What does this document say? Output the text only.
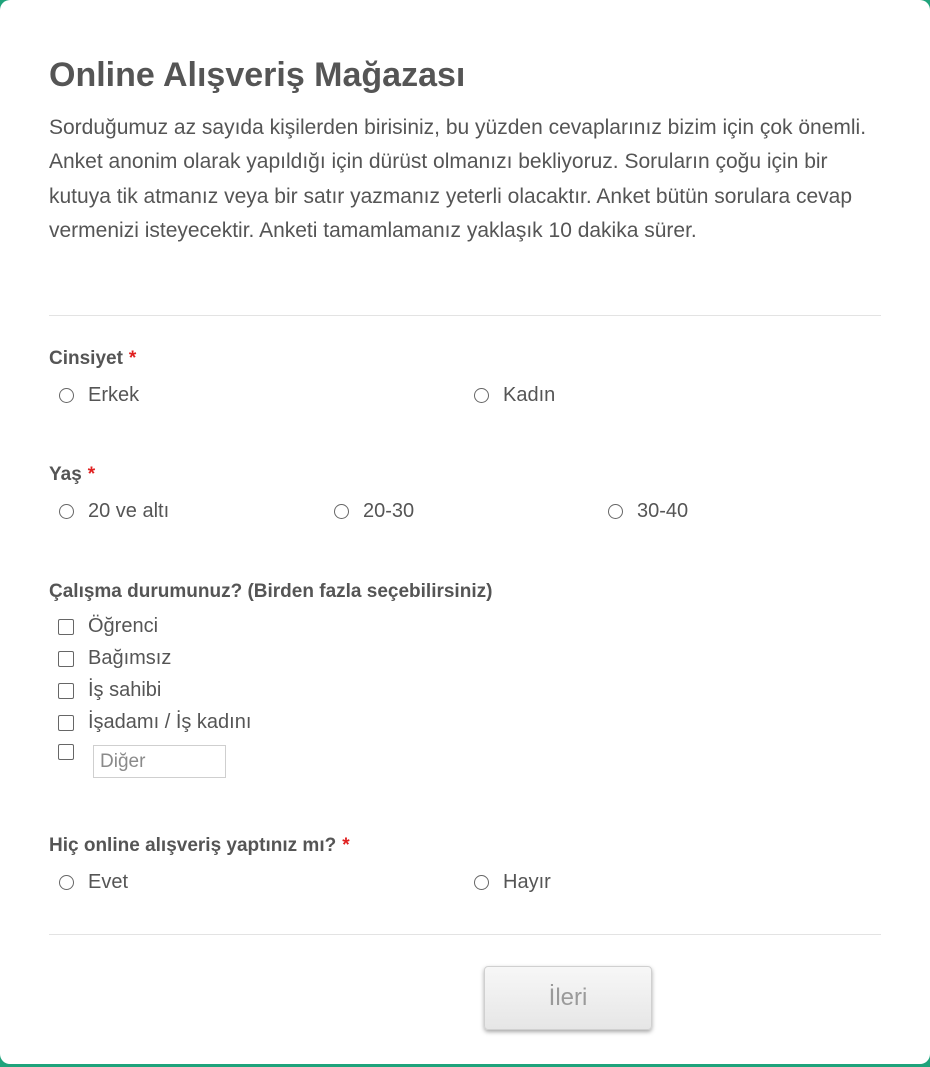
Online Alışveriş Mağazası
Sorduğumuz az sayıda kişilerden birisiniz, bu yüzden cevaplarınız bizim için çok önemli. Anket anonim olarak yapıldığı için dürüst olmanızı bekliyoruz. Soruların çoğu için bir kutuya tik atmanız veya bir satır yazmanız yeterli olacaktır. Anket bütün sorulara cevap vermenizi isteyecektir. Anketi tamamlamanız yaklaşık 10 dakika sürer.
Cinsiyet *
Erkek	Kadın
Yaş *
20 ve altı	20-30	30-40
Çalışma durumunuz? (Birden fazla seçebilirsiniz)
Öğrenci
Bağımsız
İş sahibi
İşadamı / İş kadını
Diğer
Hiç online alışveriş yaptınız mı? *
Evet	Hayır
İleri
